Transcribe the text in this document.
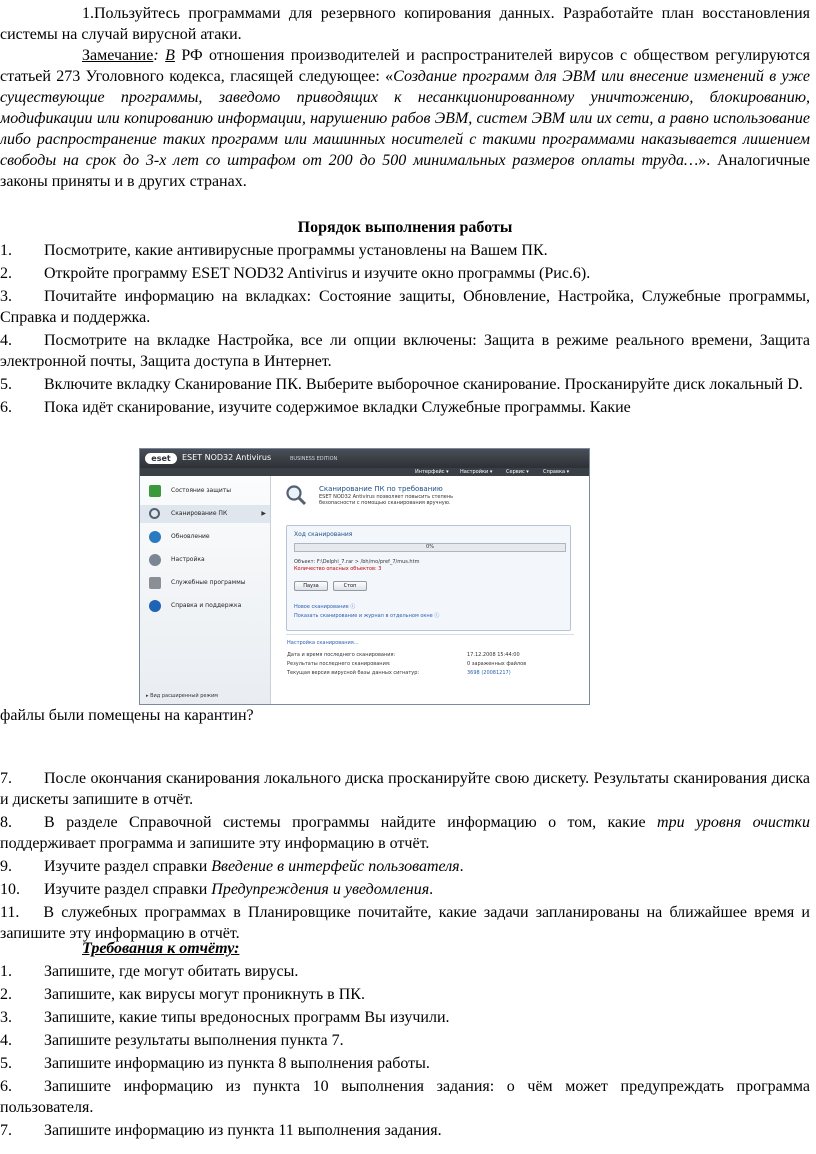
1.Пользуйтесь программами для резервного копирования данных. Разработайте план восстановления системы на случай вирусной атаки.

Замечание: В РФ отношения производителей и распространителей вирусов с обществом регулируются статьей 273 Уголовного кодекса, гласящей следующее: «Создание программ для ЭВМ или внесение изменений в уже существующие программы, заведомо приводящих к несанкционированному уничтожению, блокированию, модификации или копированию информации, нарушению рабов ЭВМ, систем ЭВМ или их сети, а равно использование либо распространение таких программ или машинных носителей с такими программами наказывается лишением свободы на срок до 3-х лет со штрафом от 200 до 500 минимальных размеров оплаты труда…». Аналогичные законы приняты и в других странах.

Порядок выполнения работы

1. Посмотрите, какие антивирусные программы установлены на Вашем ПК.

2. Откройте программу ESET NOD32 Antivirus и изучите окно программы (Рис.6).

3. Почитайте информацию на вкладках: Состояние защиты, Обновление, Настройка, Служебные программы, Справка и поддержка.

4. Посмотрите на вкладке Настройка, все ли опции включены: Защита в режиме реального времени, Защита электронной почты, Защита доступа в Интернет.

5. Включите вкладку Сканирование ПК. Выберите выборочное сканирование. Просканируйте диск локальный D.

6. Пока идёт сканирование, изучите содержимое вкладки Служебные программы. Какие

eset	ESET NOD32 Antivirus	BUSINESS EDITION
Интерфейс ▾ Настройки ▾	Сервис ▾	Справка ▾
Состояние защиты
Сканирование ПК	▶
Обновление
Настройка
Служебные программы
Справка и поддержка
▸ Вид расширенный режим
Сканирование ПК по требованию
ESET NOD32 Antivirus позволяет повысить степень безопасности с помощью сканирования вручную.
Ход сканирования
0%
Объект: F:\Delphi_7.rar > /bh/mo/pref_7/mus.htm
Количество опасных объектов: 3
Пауза	Стоп
Новое сканирование ⓘ
Показать сканирование и журнал в отдельном окне ⓘ
Настройка сканирования...
Дата и время последнего сканирования:	17.12.2008 15:44:00
Результаты последнего сканирования:	0 зараженных файлов
Текущая версия вирусной базы данных сигнатур:	3698 (20081217)

файлы были помещены на карантин?

7. После окончания сканирования локального диска просканируйте свою дискету. Результаты сканирования диска и дискеты запишите в отчёт.

8. В разделе Справочной системы программы найдите информацию о том, какие три уровня очистки поддерживает программа и запишите эту информацию в отчёт.

9. Изучите раздел справки Введение в интерфейс пользователя.

10. Изучите раздел справки Предупреждения и уведомления.

11. В служебных программах в Планировщике почитайте, какие задачи запланированы на ближайшее время и запишите эту информацию в отчёт.

Требования к отчёту:

1. Запишите, где могут обитать вирусы.

2. Запишите, как вирусы могут проникнуть в ПК.

3. Запишите, какие типы вредоносных программ Вы изучили.

4. Запишите результаты выполнения пункта 7.

5. Запишите информацию из пункта 8 выполнения работы.

6. Запишите информацию из пункта 10 выполнения задания: о чём может предупреждать программа пользователя.

7. Запишите информацию из пункта 11 выполнения задания.
